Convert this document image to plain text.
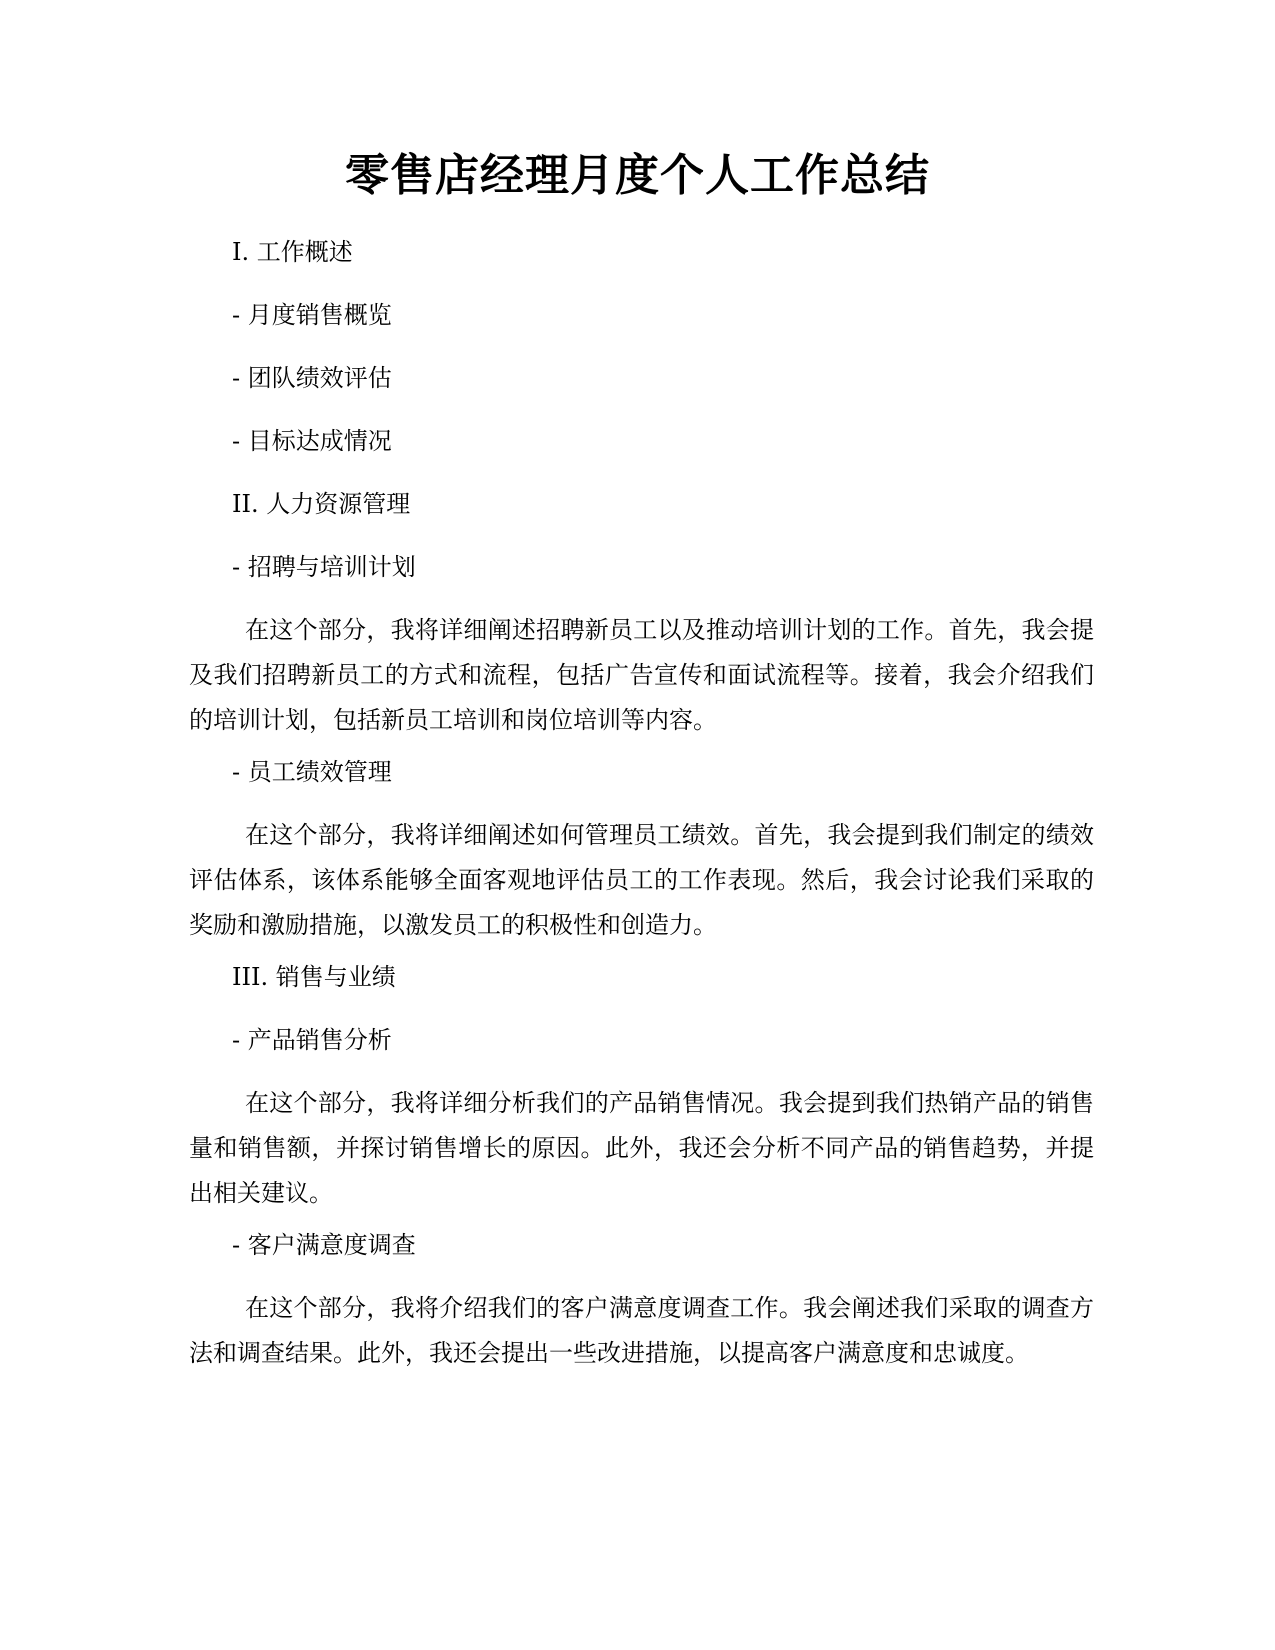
零售店经理月度个人工作总结

I. 工作概述

- 月度销售概览

- 团队绩效评估

- 目标达成情况

II. 人力资源管理

- 招聘与培训计划

在这个部分，我将详细阐述招聘新员工以及推动培训计划的工作。首先，我会提及我们招聘新员工的方式和流程，包括广告宣传和面试流程等。接着，我会介绍我们的培训计划，包括新员工培训和岗位培训等内容。

- 员工绩效管理

在这个部分，我将详细阐述如何管理员工绩效。首先，我会提到我们制定的绩效评估体系，该体系能够全面客观地评估员工的工作表现。然后，我会讨论我们采取的奖励和激励措施，以激发员工的积极性和创造力。

III. 销售与业绩

- 产品销售分析

在这个部分，我将详细分析我们的产品销售情况。我会提到我们热销产品的销售量和销售额，并探讨销售增长的原因。此外，我还会分析不同产品的销售趋势，并提出相关建议。

- 客户满意度调查

在这个部分，我将介绍我们的客户满意度调查工作。我会阐述我们采取的调查方法和调查结果。此外，我还会提出一些改进措施，以提高客户满意度和忠诚度。
